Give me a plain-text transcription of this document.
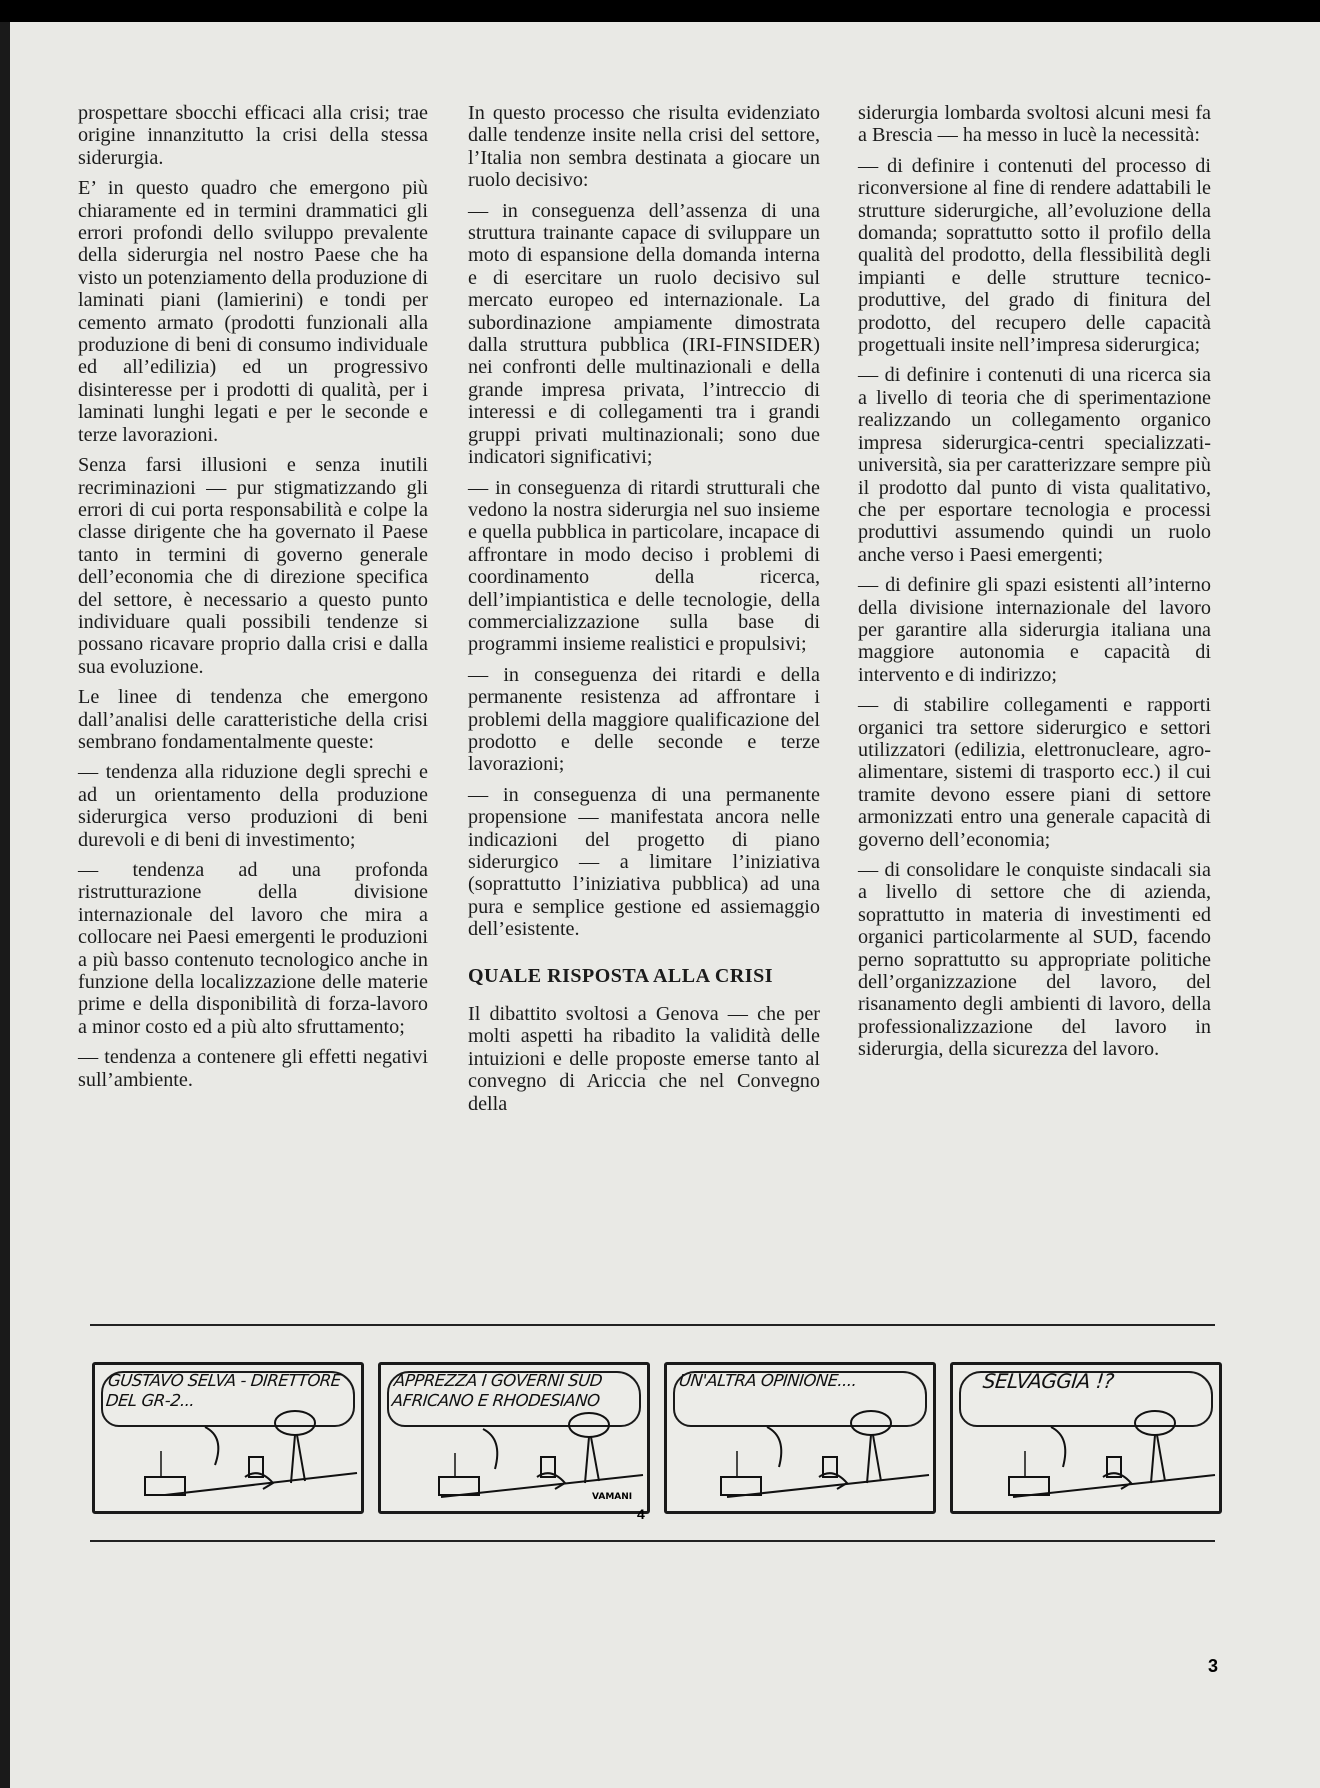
prospettare sbocchi efficaci alla crisi; trae origine innanzitutto la crisi della stessa siderurgia.

E’ in questo quadro che emergono più chiaramente ed in termini drammatici gli errori profondi dello sviluppo prevalente della siderurgia nel nostro Paese che ha visto un potenziamento della produzione di laminati piani (lamierini) e tondi per cemento armato (prodotti funzionali alla produzione di beni di consumo individuale ed all’edilizia) ed un progressivo disinteresse per i prodotti di qualità, per i laminati lunghi legati e per le seconde e terze lavorazioni.

Senza farsi illusioni e senza inutili recriminazioni — pur stigmatizzando gli errori di cui porta responsabilità e colpe la classe dirigente che ha governato il Paese tanto in termini di governo generale dell’economia che di direzione specifica del settore, è necessario a questo punto individuare quali possibili tendenze si possano ricavare proprio dalla crisi e dalla sua evoluzione.

Le linee di tendenza che emergono dall’analisi delle caratteristiche della crisi sembrano fondamentalmente queste:

— tendenza alla riduzione degli sprechi e ad un orientamento della produzione siderurgica verso produzioni di beni durevoli e di beni di investimento;

— tendenza ad una profonda ristrutturazione della divisione internazionale del lavoro che mira a collocare nei Paesi emergenti le produzioni a più basso contenuto tecnologico anche in funzione della localizzazione delle materie prime e della disponibilità di forza-lavoro a minor costo ed a più alto sfruttamento;

— tendenza a contenere gli effetti negativi sull’ambiente.

In questo processo che risulta evidenziato dalle tendenze insite nella crisi del settore, l’Italia non sembra destinata a giocare un ruolo decisivo:

— in conseguenza dell’assenza di una struttura trainante capace di sviluppare un moto di espansione della domanda interna e di esercitare un ruolo decisivo sul mercato europeo ed internazionale. La subordinazione ampiamente dimostrata dalla struttura pubblica (IRI-FINSIDER) nei confronti delle multinazionali e della grande impresa privata, l’intreccio di interessi e di collegamenti tra i grandi gruppi privati multinazionali; sono due indicatori significativi;

— in conseguenza di ritardi strutturali che vedono la nostra siderurgia nel suo insieme e quella pubblica in particolare, incapace di affrontare in modo deciso i problemi di coordinamento della ricerca, dell’impiantistica e delle tecnologie, della commercializzazione sulla base di programmi insieme realistici e propulsivi;

— in conseguenza dei ritardi e della permanente resistenza ad affrontare i problemi della maggiore qualificazione del prodotto e delle seconde e terze lavorazioni;

— in conseguenza di una permanente propensione — manifestata ancora nelle indicazioni del progetto di piano siderurgico — a limitare l’iniziativa (soprattutto l’iniziativa pubblica) ad una pura e semplice gestione ed assiemaggio dell’esistente.

QUALE RISPOSTA ALLA CRISI

Il dibattito svoltosi a Genova — che per molti aspetti ha ribadito la validità delle intuizioni e delle proposte emerse tanto al convegno di Ariccia che nel Convegno della

siderurgia lombarda svoltosi alcuni mesi fa a Brescia — ha messo in lucè la necessità:

— di definire i contenuti del processo di riconversione al fine di rendere adattabili le strutture siderurgiche, all’evoluzione della domanda; soprattutto sotto il profilo della qualità del prodotto, della flessibilità degli impianti e delle strutture tecnico-produttive, del grado di finitura del prodotto, del recupero delle capacità progettuali insite nell’impresa siderurgica;

— di definire i contenuti di una ricerca sia a livello di teoria che di sperimentazione realizzando un collegamento organico impresa siderurgica-centri specializzati-università, sia per caratterizzare sempre più il prodotto dal punto di vista qualitativo, che per esportare tecnologia e processi produttivi assumendo quindi un ruolo anche verso i Paesi emergenti;

— di definire gli spazi esistenti all’interno della divisione internazionale del lavoro per garantire alla siderurgia italiana una maggiore autonomia e capacità di intervento e di indirizzo;

— di stabilire collegamenti e rapporti organici tra settore siderurgico e settori utilizzatori (edilizia, elettronucleare, agro-alimentare, sistemi di trasporto ecc.) il cui tramite devono essere piani di settore armonizzati entro una generale capacità di governo dell’economia;

— di consolidare le conquiste sindacali sia a livello di settore che di azienda, soprattutto in materia di investimenti ed organici particolarmente al SUD, facendo perno soprattutto su appropriate politiche dell’organizzazione del lavoro, del risanamento degli ambienti di lavoro, della professionalizzazione del lavoro in siderurgia, della sicurezza del lavoro.

GUSTAVO SELVA - DIRETTORE DEL GR-2...
APPREZZA I GOVERNI SUD AFRICANO E RHODESIANO
UN'ALTRA OPINIONE....	SELVAGGIA !?
VAMANI
4
3
